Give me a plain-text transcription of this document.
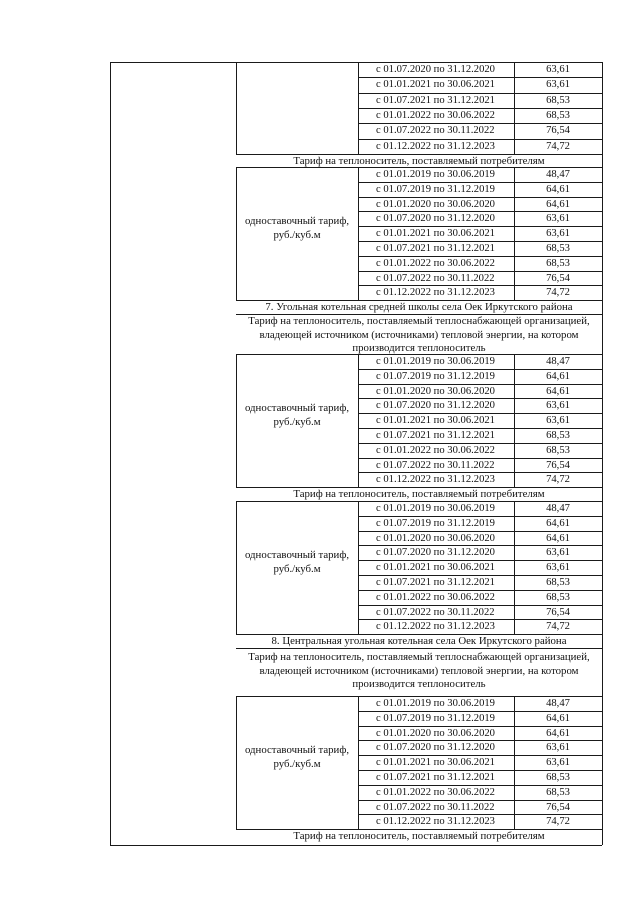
с 01.07.2020 по 31.12.2020	63,61
с 01.01.2021 по 30.06.2021	63,61
с 01.07.2021 по 31.12.2021	68,53
с 01.01.2022 по 30.06.2022	68,53
с 01.07.2022 по 30.11.2022	76,54
с 01.12.2022 по 31.12.2023	74,72
Тариф на теплоноситель, поставляемый потребителям
с 01.01.2019 по 30.06.2019	48,47
с 01.07.2019 по 31.12.2019	64,61
с 01.01.2020 по 30.06.2020	64,61
с 01.07.2020 по 31.12.2020	63,61
с 01.01.2021 по 30.06.2021	63,61
с 01.07.2021 по 31.12.2021	68,53
с 01.01.2022 по 30.06.2022	68,53
с 01.07.2022 по 30.11.2022	76,54
с 01.12.2022 по 31.12.2023	74,72
одноставочный тариф, руб./куб.м
7. Угольная котельная средней школы села Оек Иркутского района
Тариф на теплоноситель, поставляемый теплоснабжающей организацией, владеющей источником (источниками) тепловой энергии, на котором производится теплоноситель
с 01.01.2019 по 30.06.2019	48,47
с 01.07.2019 по 31.12.2019	64,61
с 01.01.2020 по 30.06.2020	64,61
с 01.07.2020 по 31.12.2020	63,61
с 01.01.2021 по 30.06.2021	63,61
с 01.07.2021 по 31.12.2021	68,53
с 01.01.2022 по 30.06.2022	68,53
с 01.07.2022 по 30.11.2022	76,54
с 01.12.2022 по 31.12.2023	74,72
одноставочный тариф, руб./куб.м
Тариф на теплоноситель, поставляемый потребителям
с 01.01.2019 по 30.06.2019	48,47
с 01.07.2019 по 31.12.2019	64,61
с 01.01.2020 по 30.06.2020	64,61
с 01.07.2020 по 31.12.2020	63,61
с 01.01.2021 по 30.06.2021	63,61
с 01.07.2021 по 31.12.2021	68,53
с 01.01.2022 по 30.06.2022	68,53
с 01.07.2022 по 30.11.2022	76,54
с 01.12.2022 по 31.12.2023	74,72
одноставочный тариф, руб./куб.м
8. Центральная угольная котельная села Оек Иркутского района
Тариф на теплоноситель, поставляемый теплоснабжающей организацией, владеющей источником (источниками) тепловой энергии, на котором производится теплоноситель
с 01.01.2019 по 30.06.2019	48,47
с 01.07.2019 по 31.12.2019	64,61
с 01.01.2020 по 30.06.2020	64,61
с 01.07.2020 по 31.12.2020	63,61
с 01.01.2021 по 30.06.2021	63,61
с 01.07.2021 по 31.12.2021	68,53
с 01.01.2022 по 30.06.2022	68,53
с 01.07.2022 по 30.11.2022	76,54
с 01.12.2022 по 31.12.2023	74,72
одноставочный тариф, руб./куб.м
Тариф на теплоноситель, поставляемый потребителям
